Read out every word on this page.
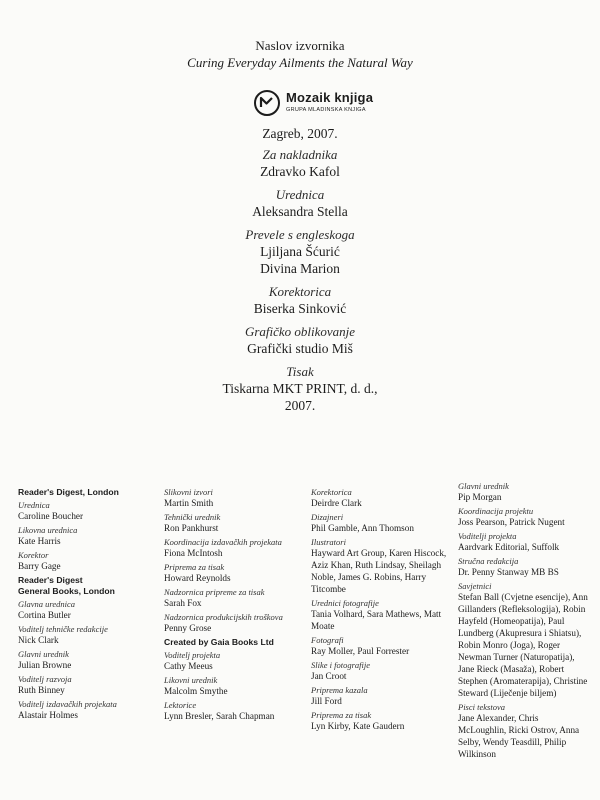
Naslov izvornika
Curing Everyday Ailments the Natural Way
Mozaik knjiga
GRUPA MLADINSKA KNJIGA
Zagreb, 2007.
Za nakladnika
Zdravko Kafol
Urednica
Aleksandra Stella
Prevele s engleskoga
Ljiljana Šćurić
Divina Marion
Korektorica
Biserka Sinković
Grafičko oblikovanje
Grafički studio Miš
Tisak
Tiskarna MKT PRINT, d. d.,
2007.
Reader's Digest, London
Urednica
Caroline Boucher
Likovna urednica
Kate Harris
Korektor
Barry Gage
Reader's Digest
General Books, London
Glavna urednica
Cortina Butler
Voditelj tehničke redakcije
Nick Clark
Glavni urednik
Julian Browne
Voditelj razvoja
Ruth Binney
Voditelj izdavačkih projekata
Alastair Holmes
Slikovni izvori
Martin Smith
Tehnički urednik
Ron Pankhurst
Koordinacija izdavačkih projekata
Fiona McIntosh
Priprema za tisak
Howard Reynolds
Nadzornica pripreme za tisak
Sarah Fox
Nadzornica produkcijskih troškova
Penny Grose
Created by Gaia Books Ltd
Voditelj projekta
Cathy Meeus
Likovni urednik
Malcolm Smythe
Lektorice
Lynn Bresler, Sarah Chapman
Korektorica
Deirdre Clark
Dizajneri
Phil Gamble, Ann Thomson
Ilustratori
Hayward Art Group, Karen Hiscock, Aziz Khan, Ruth Lindsay, Sheilagh Noble, James G. Robins, Harry Titcombe
Urednici fotografije
Tania Volhard, Sara Mathews, Matt Moate
Fotografi
Ray Moller, Paul Forrester
Slike i fotografije
Jan Croot
Priprema kazala
Jill Ford
Priprema za tisak
Lyn Kirby, Kate Gaudern
Glavni urednik
Pip Morgan
Koordinacija projektu
Joss Pearson, Patrick Nugent
Voditelji projekta
Aardvark Editorial, Suffolk
Stručna redakcija
Dr. Penny Stanway MB BS
Savjetnici
Stefan Ball (Cvjetne esencije), Ann Gillanders (Refleksologija), Robin Hayfeld (Homeopatija), Paul Lundberg (Akupresura i Shiatsu), Robin Monro (Joga), Roger Newman Turner (Naturopatija), Jane Rieck (Masaža), Robert Stephen (Aromaterapija), Christine Steward (Liječenje biljem)
Pisci tekstova
Jane Alexander, Chris McLoughlin, Ricki Ostrov, Anna Selby, Wendy Teasdill, Philip Wilkinson
